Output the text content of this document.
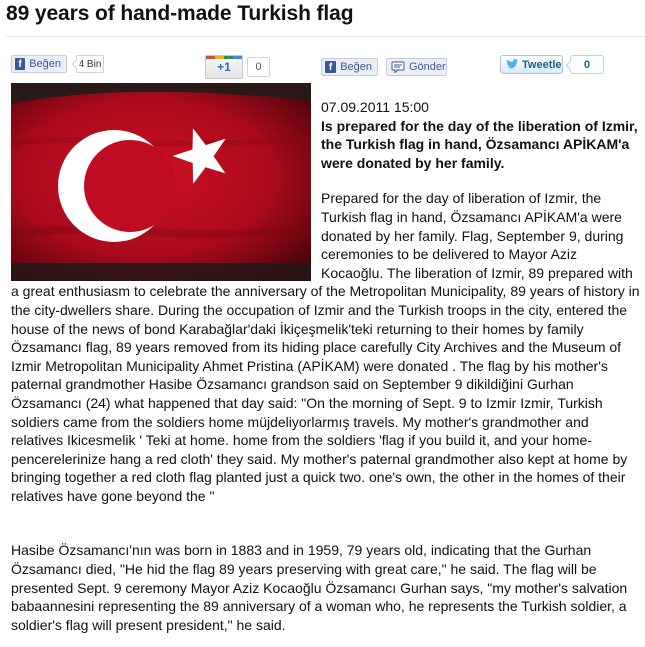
89 years of hand-made Turkish flag
f Beğen 4 Bin	+1	0	f Beğen	Gönder	Tweetle	0
07.09.2011 15:00
Is prepared for the day of the liberation of Izmir, the Turkish flag in hand, Özsamancı APİKAM'a were donated by her family.
Prepared for the day of liberation of Izmir, the Turkish flag in hand, Özsamancı APİKAM'a were donated by her family. Flag, September 9, during ceremonies to be delivered to Mayor Aziz Kocaoğlu. The liberation of Izmir, 89 prepared with a great enthusiasm to celebrate the anniversary of the Metropolitan Municipality, 89 years of history in the city-dwellers share. During the occupation of Izmir and the Turkish troops in the city, entered the house of the news of bond Karabağlar'daki İkiçeşmelik'teki returning to their homes by family Özsamancı flag, 89 years removed from its hiding place carefully City Archives and the Museum of Izmir Metropolitan Municipality Ahmet Pristina (APİKAM) were donated . The flag by his mother's paternal grandmother Hasibe Özsamancı grandson said on September 9 dikildiğini Gurhan Özsamancı (24) what happened that day said: "On the morning of Sept. 9 to Izmir Izmir, Turkish soldiers came from the soldiers home müjdeliyorlarmış travels. My mother's grandmother and relatives Ikicesmelik ' Teki at home. home from the soldiers 'flag if you build it, and your home-pencerelerinize hang a red cloth' they said. My mother's paternal grandmother also kept at home by bringing together a red cloth flag planted just a quick two. one's own, the other in the homes of their relatives have gone beyond the "
Hasibe Özsamancı'nın was born in 1883 and in 1959, 79 years old, indicating that the Gurhan Özsamancı died, "He hid the flag 89 years preserving with great care," he said. The flag will be presented Sept. 9 ceremony Mayor Aziz Kocaoğlu Özsamancı Gurhan says, "my mother's salvation babaannesini representing the 89 anniversary of a woman who, he represents the Turkish soldier, a soldier's flag will present president," he said.
